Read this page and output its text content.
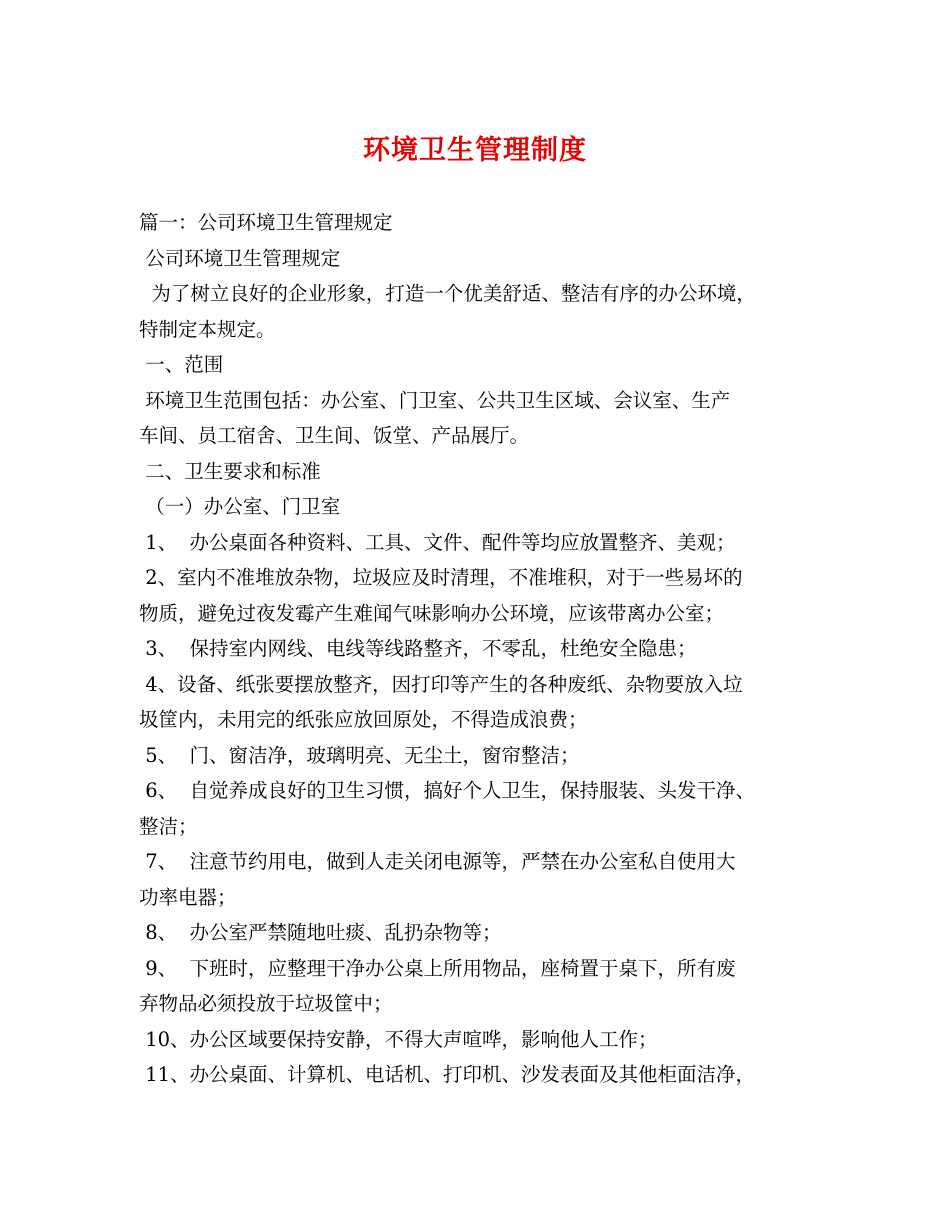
环境卫生管理制度
篇一：公司环境卫生管理规定
公司环境卫生管理规定
为了树立良好的企业形象，打造一个优美舒适、整洁有序的办公环境，
特制定本规定。
一、范围
环境卫生范围包括：办公室、门卫室、公共卫生区域、会议室、生产
车间、员工宿舍、卫生间、饭堂、产品展厅。
二、卫生要求和标准
（一）办公室、门卫室
1、  办公桌面各种资料、工具、文件、配件等均应放置整齐、美观；
2、室内不准堆放杂物，垃圾应及时清理，不准堆积，对于一些易坏的
物质，避免过夜发霉产生难闻气味影响办公环境，应该带离办公室；
3、  保持室内网线、电线等线路整齐，不零乱，杜绝安全隐患；
4、设备、纸张要摆放整齐，因打印等产生的各种废纸、杂物要放入垃
圾筐内，未用完的纸张应放回原处，不得造成浪费；
5、  门、窗洁净，玻璃明亮、无尘土，窗帘整洁；
6、  自觉养成良好的卫生习惯，搞好个人卫生，保持服装、头发干净、
整洁；
7、  注意节约用电，做到人走关闭电源等，严禁在办公室私自使用大
功率电器；
8、  办公室严禁随地吐痰、乱扔杂物等；
9、  下班时，应整理干净办公桌上所用物品，座椅置于桌下，所有废
弃物品必须投放于垃圾筐中；
10、办公区域要保持安静，不得大声喧哗，影响他人工作；
11、办公桌面、计算机、电话机、打印机、沙发表面及其他柜面洁净，
